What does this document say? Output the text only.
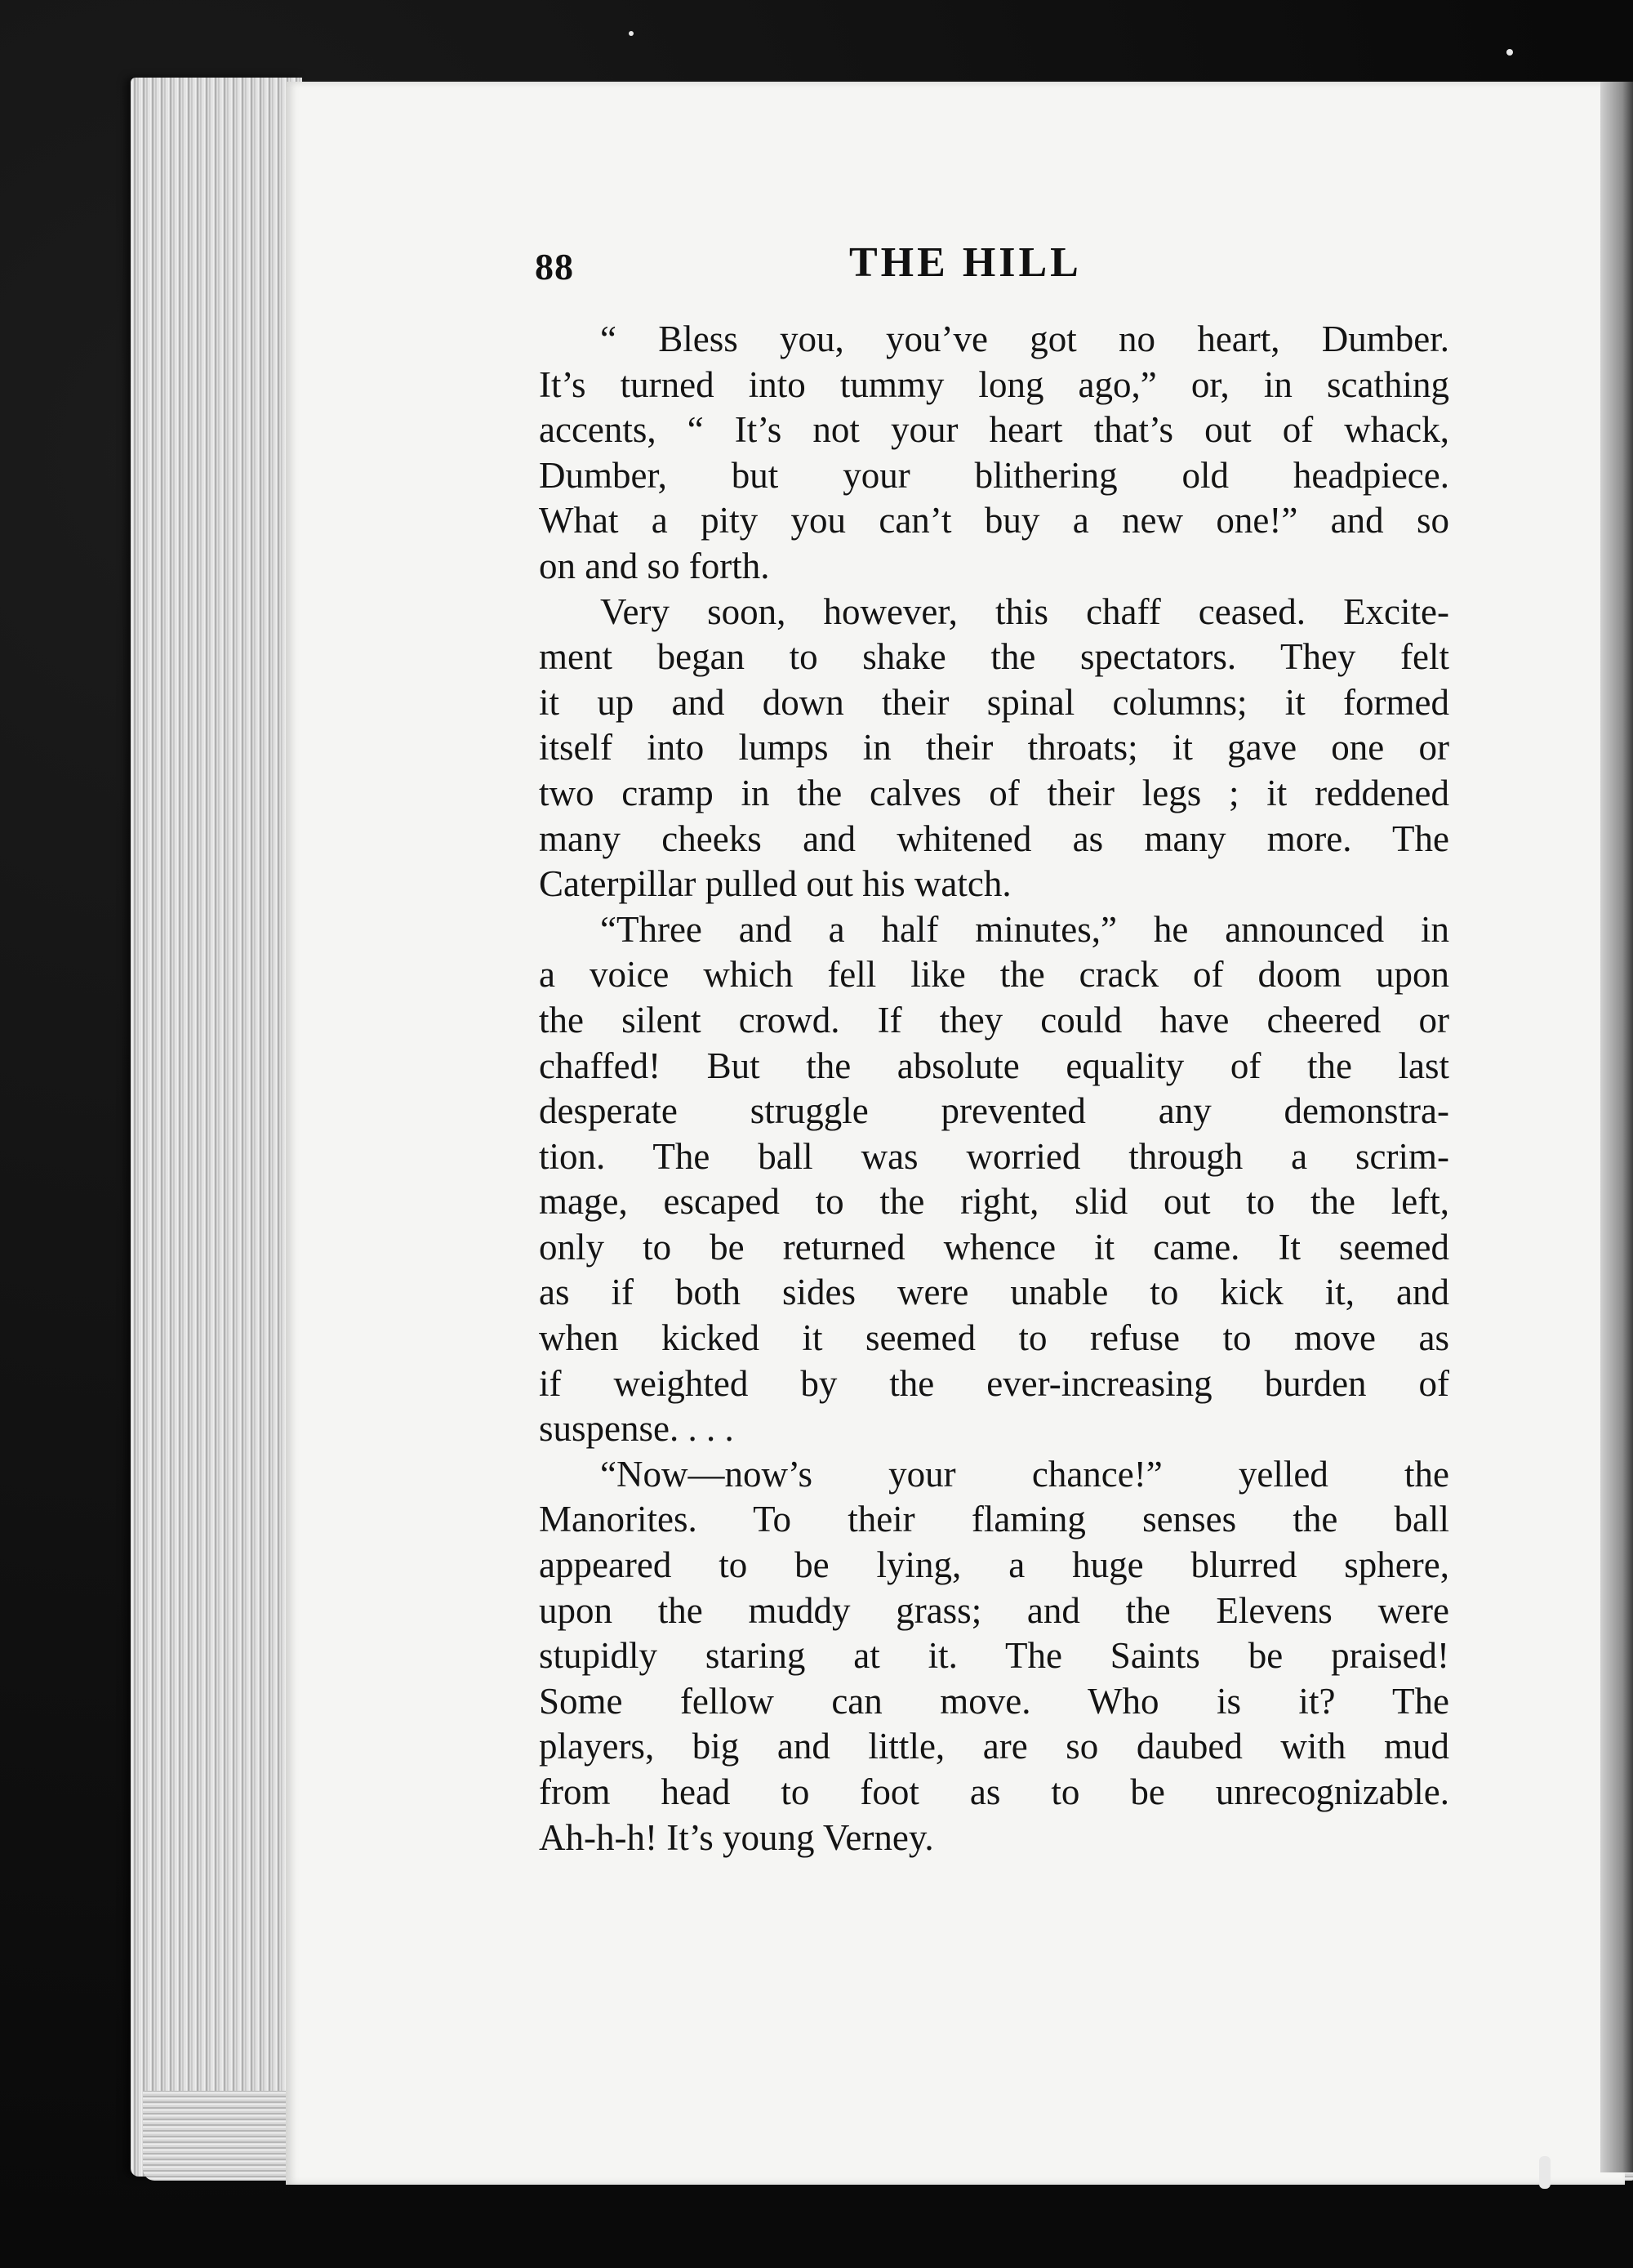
88	THE HILL
“ Bless you, you’ve got no heart, Dumber.
It’s turned into tummy long ago,” or, in scathing
accents, “ It’s not your heart that’s out of whack,
Dumber, but your blithering old headpiece.
What a pity you can’t buy a new one!” and so
on and so forth.
Very soon, however, this chaff ceased. Excite-
ment began to shake the spectators. They felt
it up and down their spinal columns; it formed
itself into lumps in their throats; it gave one or
two cramp in the calves of their legs ; it reddened
many cheeks and whitened as many more. The
Caterpillar pulled out his watch.
“Three and a half minutes,” he announced in
a voice which fell like the crack of doom upon
the silent crowd. If they could have cheered or
chaffed! But the absolute equality of the last
desperate struggle prevented any demonstra-
tion. The ball was worried through a scrim-
mage, escaped to the right, slid out to the left,
only to be returned whence it came. It seemed
as if both sides were unable to kick it, and
when kicked it seemed to refuse to move as
if weighted by the ever-increasing burden of
suspense. . . .
“Now—now’s your chance!” yelled the
Manorites. To their flaming senses the ball
appeared to be lying, a huge blurred sphere,
upon the muddy grass; and the Elevens were
stupidly staring at it. The Saints be praised!
Some fellow can move. Who is it? The
players, big and little, are so daubed with mud
from head to foot as to be unrecognizable.
Ah-h-h! It’s young Verney.
